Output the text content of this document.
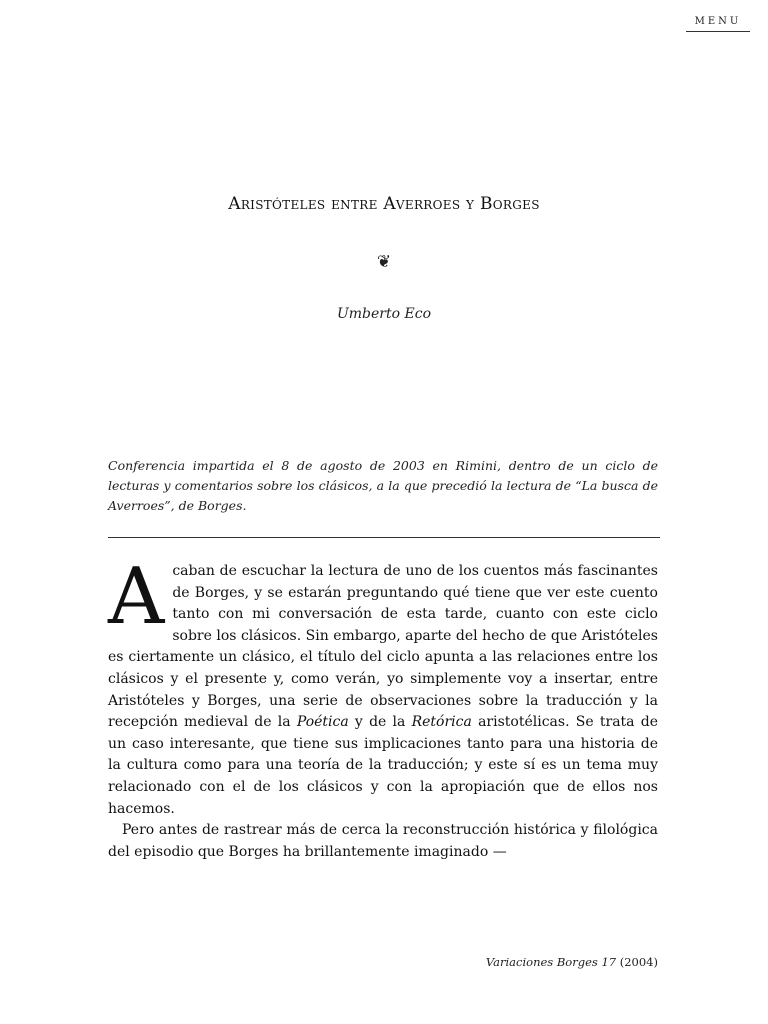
MENU
Aristóteles entre Averroes y Borges
❦
Umberto Eco
Conferencia impartida el 8 de agosto de 2003 en Rimini, dentro de un ciclo de lecturas y comentarios sobre los clásicos, a la que precedió la lectura de “La busca de Averroes”, de Borges.

Acaban de escuchar la lectura de uno de los cuentos más fascinantes de Borges, y se estarán preguntando qué tiene que ver este cuento tanto con mi conversación de esta tarde, cuanto con este ciclo sobre los clásicos. Sin embargo, aparte del hecho de que Aristóteles es ciertamente un clásico, el título del ciclo apunta a las relaciones entre los clásicos y el presente y, como verán, yo simplemente voy a insertar, entre Aristóteles y Borges, una serie de observaciones sobre la traducción y la recepción medieval de la Poética y de la Retórica aristotélicas. Se trata de un caso interesante, que tiene sus implicaciones tanto para una historia de la cultura como para una teoría de la traducción; y este sí es un tema muy relacionado con el de los clásicos y con la apropiación que de ellos nos hacemos.

Pero antes de rastrear más de cerca la reconstrucción histórica y filológica del episodio que Borges ha brillantemente imaginado —

Variaciones Borges 17 (2004)
